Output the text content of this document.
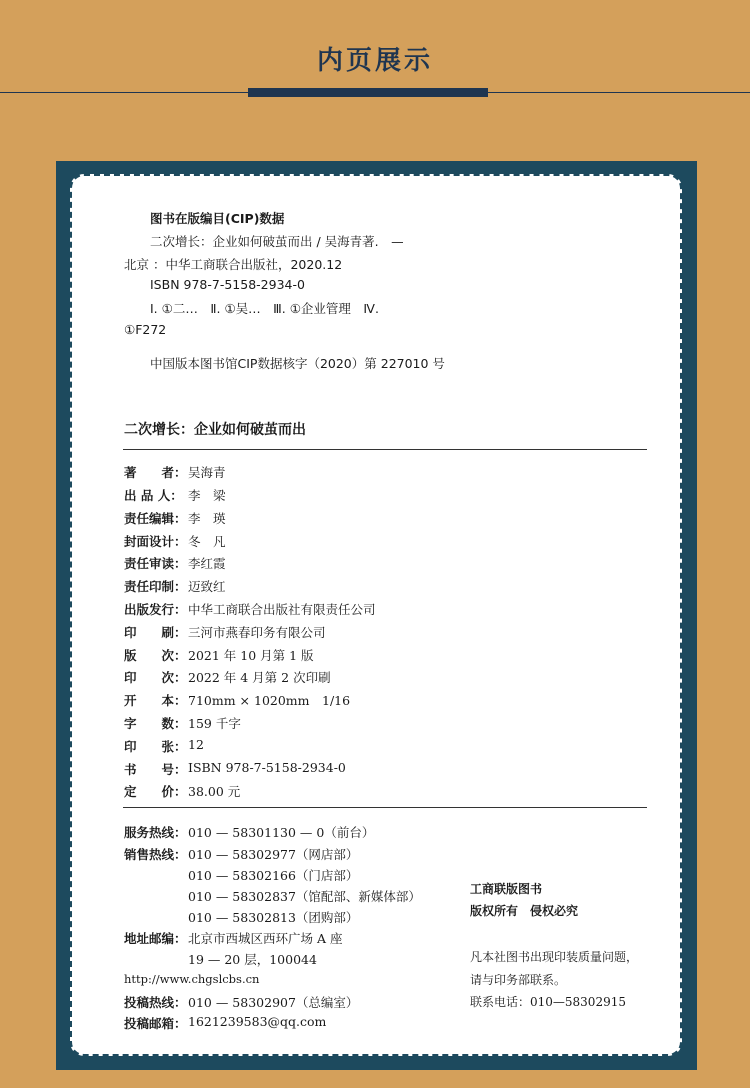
内页展示
图书在版编目(CIP)数据
二次增长：企业如何破茧而出 / 吴海青著.　—
北京 ：中华工商联合出版社，2020.12
ISBN 978-7-5158-2934-0
Ⅰ. ①二…　Ⅱ. ①吴…　Ⅲ. ①企业管理　Ⅳ.
①F272
中国版本图书馆CIP数据核字（2020）第 227010 号
二次增长：企业如何破茧而出
著　　者： 吴海青
出 品 人： 李　梁
责任编辑： 李　瑛
封面设计： 冬　凡
责任审读： 李红霞
责任印制： 迈致红
出版发行： 中华工商联合出版社有限责任公司
印　　刷： 三河市燕春印务有限公司
版　　次： 2021 年 10 月第 1 版
印　　次： 2022 年 4 月第 2 次印刷
开　　本： 710mm × 1020mm　1/16
字　　数： 159 千字
印　　张： 12
书　　号： ISBN 978-7-5158-2934-0
定　　价： 38.00 元
服务热线： 010 — 58301130 — 0（前台）
销售热线： 010 — 58302977（网店部）
010 — 58302166（门店部）
010 — 58302837（馆配部、新媒体部）
010 — 58302813（团购部）
地址邮编： 北京市西城区西环广场 A 座
19 — 20 层，100044
http://www.chgslcbs.cn
投稿热线： 010 — 58302907（总编室）
投稿邮箱： 1621239583@qq.com
工商联版图书
版权所有　侵权必究
凡本社图书出现印装质量问题，
请与印务部联系。
联系电话：010—58302915
